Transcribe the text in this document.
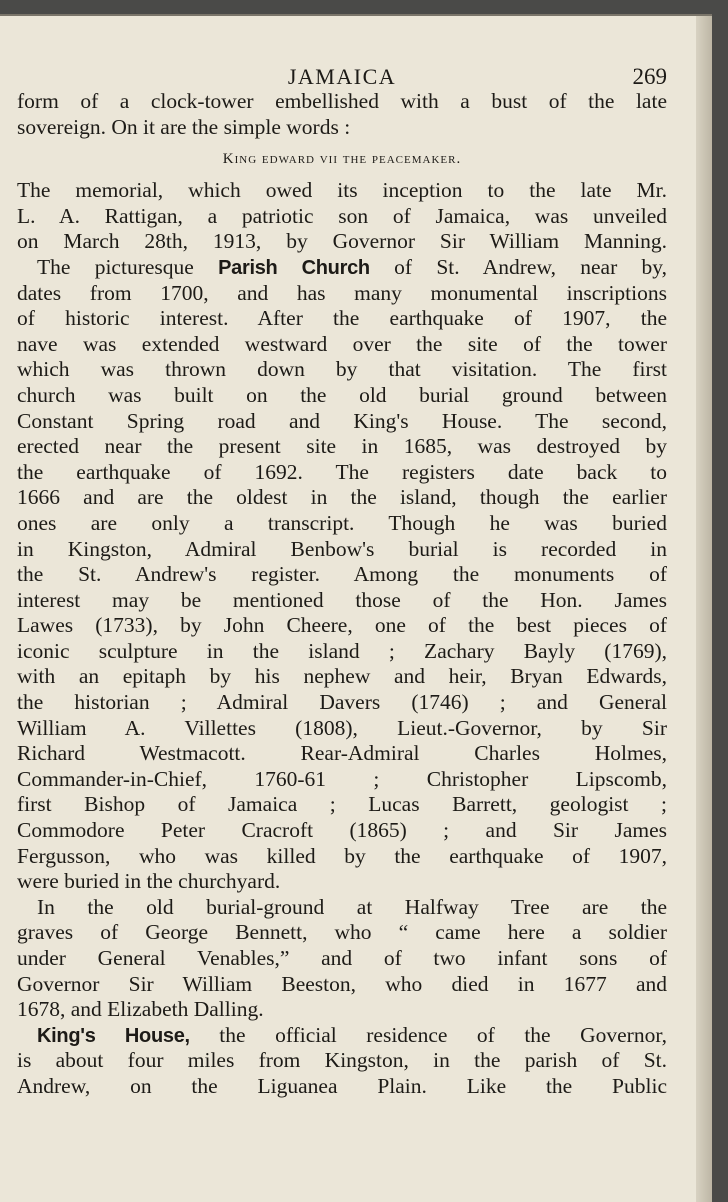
JAMAICA	269
form of a clock-tower embellished with a bust of the late
sovereign. On it are the simple words :
King edward vii the peacemaker.
The memorial, which owed its inception to the late Mr.
L. A. Rattigan, a patriotic son of Jamaica, was unveiled
on March 28th, 1913, by Governor Sir William Manning.
The picturesque Parish Church of St. Andrew, near by,
dates from 1700, and has many monumental inscriptions
of historic interest. After the earthquake of 1907, the
nave was extended westward over the site of the tower
which was thrown down by that visitation. The first
church was built on the old burial ground between
Constant Spring road and King's House. The second,
erected near the present site in 1685, was destroyed by
the earthquake of 1692. The registers date back to
1666 and are the oldest in the island, though the earlier
ones are only a transcript. Though he was buried
in Kingston, Admiral Benbow's burial is recorded in
the St. Andrew's register. Among the monuments of
interest may be mentioned those of the Hon. James
Lawes (1733), by John Cheere, one of the best pieces of
iconic sculpture in the island ; Zachary Bayly (1769),
with an epitaph by his nephew and heir, Bryan Edwards,
the historian ; Admiral Davers (1746) ; and General
William A. Villettes (1808), Lieut.-Governor, by Sir
Richard Westmacott. Rear-Admiral Charles Holmes,
Commander-in-Chief, 1760-61 ; Christopher Lipscomb,
first Bishop of Jamaica ; Lucas Barrett, geologist ;
Commodore Peter Cracroft (1865) ; and Sir James
Fergusson, who was killed by the earthquake of 1907,
were buried in the churchyard.
In the old burial-ground at Halfway Tree are the
graves of George Bennett, who “ came here a soldier
under General Venables,” and of two infant sons of
Governor Sir William Beeston, who died in 1677 and
1678, and Elizabeth Dalling.
King's House, the official residence of the Governor,
is about four miles from Kingston, in the parish of St.
Andrew, on the Liguanea Plain. Like the Public
